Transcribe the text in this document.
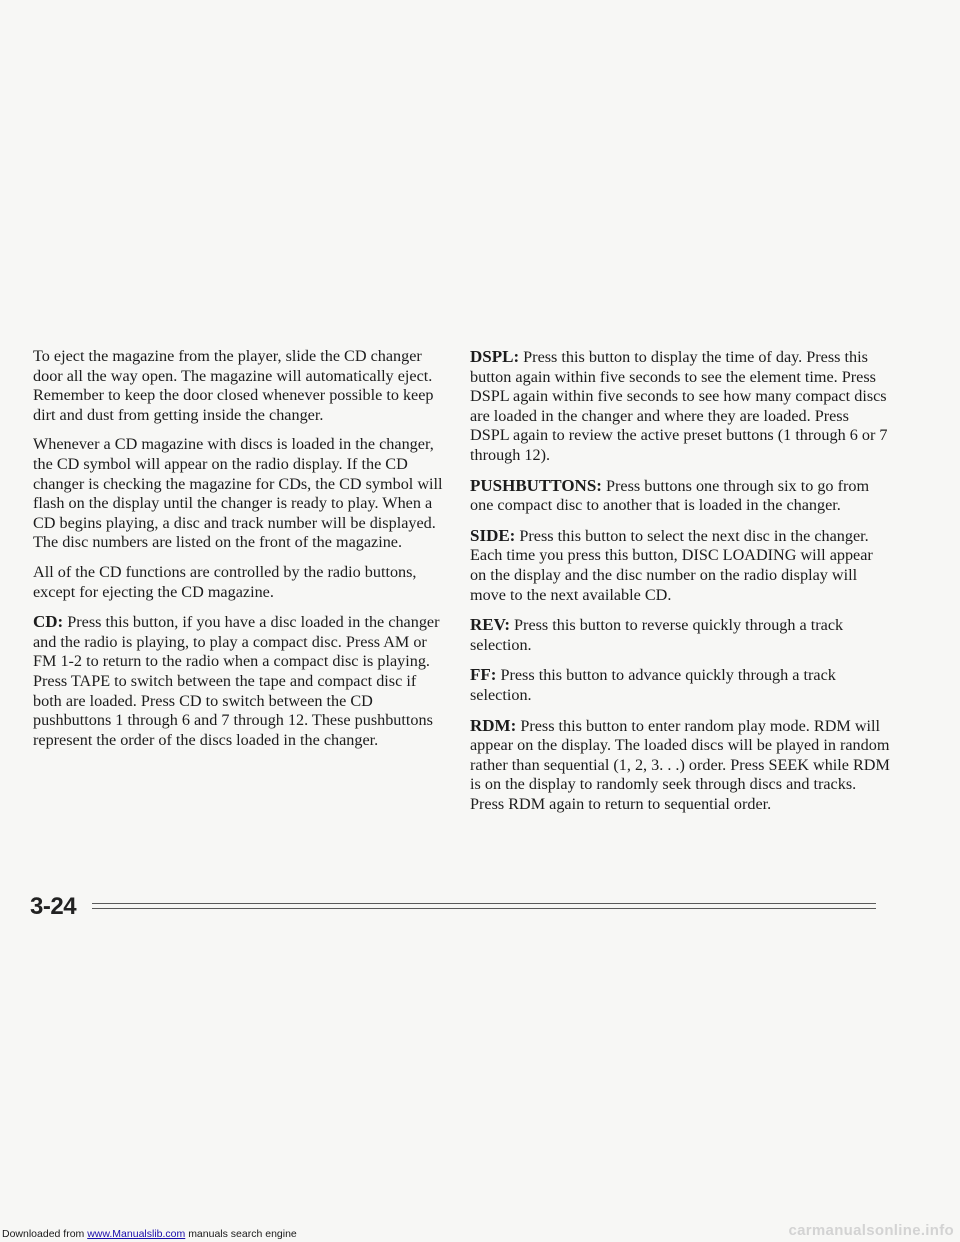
To eject the magazine from the player, slide the CD changer door all the way open. The magazine will automatically eject. Remember to keep the door closed whenever possible to keep dirt and dust from getting inside the changer.

Whenever a CD magazine with discs is loaded in the changer, the CD symbol will appear on the radio display. If the CD changer is checking the magazine for CDs, the CD symbol will flash on the display until the changer is ready to play. When a CD begins playing, a disc and track number will be displayed. The disc numbers are listed on the front of the magazine.

All of the CD functions are controlled by the radio buttons, except for ejecting the CD magazine.

CD: Press this button, if you have a disc loaded in the changer and the radio is playing, to play a compact disc. Press AM or FM 1-2 to return to the radio when a compact disc is playing. Press TAPE to switch between the tape and compact disc if both are loaded. Press CD to switch between the CD pushbuttons 1 through 6 and 7 through 12. These pushbuttons represent the order of the discs loaded in the changer.

DSPL: Press this button to display the time of day. Press this button again within five seconds to see the element time. Press DSPL again within five seconds to see how many compact discs are loaded in the changer and where they are loaded. Press DSPL again to review the active preset buttons (1 through 6 or 7 through 12).

PUSHBUTTONS: Press buttons one through six to go from one compact disc to another that is loaded in the changer.

SIDE: Press this button to select the next disc in the changer. Each time you press this button, DISC LOADING will appear on the display and the disc number on the radio display will move to the next available CD.

REV: Press this button to reverse quickly through a track selection.

FF: Press this button to advance quickly through a track selection.

RDM: Press this button to enter random play mode. RDM will appear on the display. The loaded discs will be played in random rather than sequential (1, 2, 3. . .) order. Press SEEK while RDM is on the display to randomly seek through discs and tracks. Press RDM again to return to sequential order.

3-24
Downloaded from www.Manualslib.com manuals search engine	carmanualsonline.info
